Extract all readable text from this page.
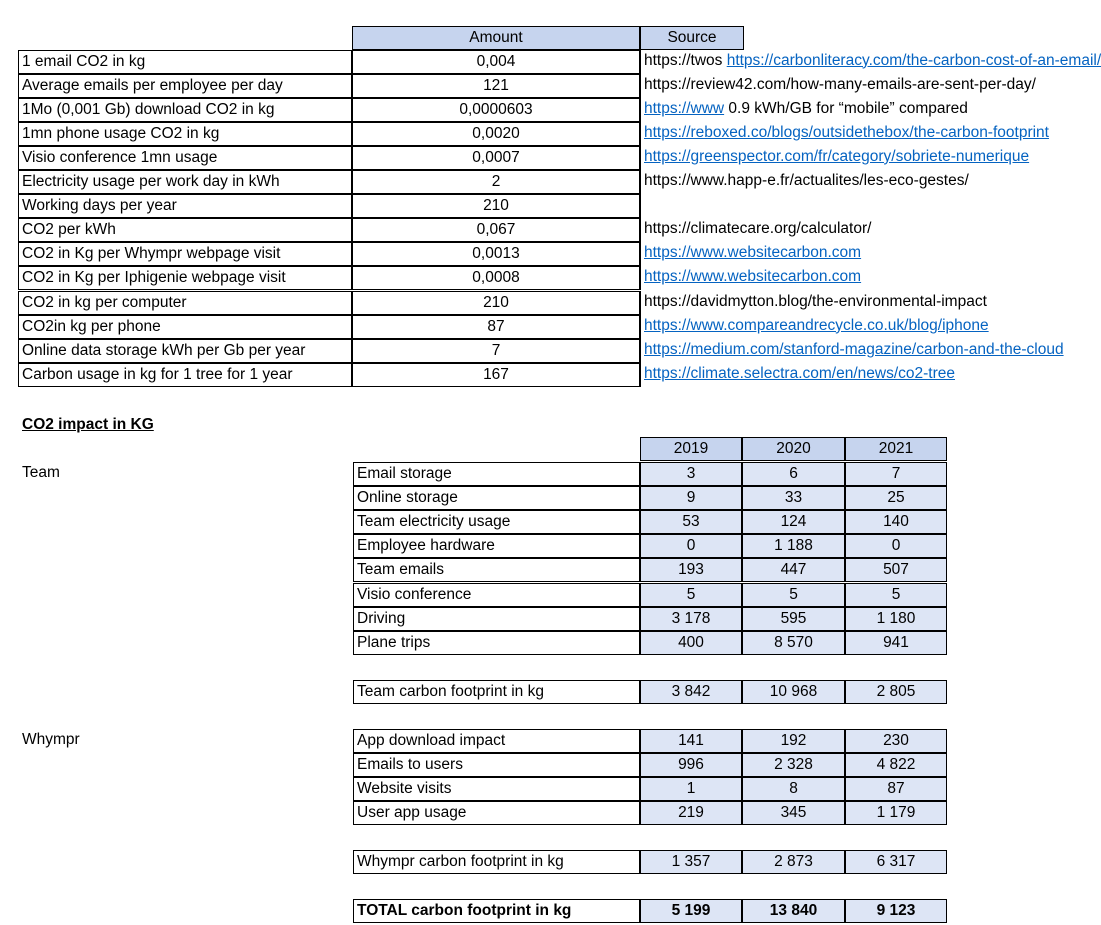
Amount	Source
1 email CO2 in kg	0,004	https://twos https://carbonliteracy.com/the-carbon-cost-of-an-email/
Average emails per employee per day	121	https://review42.com/how-many-emails-are-sent-per-day/
1Mo (0,001 Gb) download CO2 in kg	0,0000603	https://www 0.9 kWh/GB for “mobile” compared
1mn phone usage CO2 in kg	0,0020	https://reboxed.co/blogs/outsidethebox/the-carbon-footprint
Visio conference 1mn usage	0,0007	https://greenspector.com/fr/category/sobriete-numerique
Electricity usage per work day in kWh	2	https://www.happ-e.fr/actualites/les-eco-gestes/
Working days per year	210
CO2 per kWh	0,067	https://climatecare.org/calculator/
CO2 in Kg per Whympr webpage visit	0,0013	https://www.websitecarbon.com
CO2 in Kg per Iphigenie webpage visit	0,0008	https://www.websitecarbon.com
CO2 in kg per computer	210	https://davidmytton.blog/the-environmental-impact
CO2in kg per phone	87	https://www.compareandrecycle.co.uk/blog/iphone
Online data storage kWh per Gb per year	7	https://medium.com/stanford-magazine/carbon-and-the-cloud
Carbon usage in kg for 1 tree for 1 year	167	https://climate.selectra.com/en/news/co2-tree
CO2 impact in KG
2019	2020	2021
Team	Email storage	3	6	7
Online storage	9	33	25
Team electricity usage	53	124	140
Employee hardware	0	1 188	0
Team emails	193	447	507
Visio conference	5	5	5
Driving	3 178	595	1 180
Plane trips	400	8 570	941
Team carbon footprint in kg	3 842	10 968	2 805
Whympr	App download impact	141	192	230
Emails to users	996	2 328	4 822
Website visits	1	8	87
User app usage	219	345	1 179
Whympr carbon footprint in kg	1 357	2 873	6 317
TOTAL carbon footprint in kg	5 199	13 840	9 123
